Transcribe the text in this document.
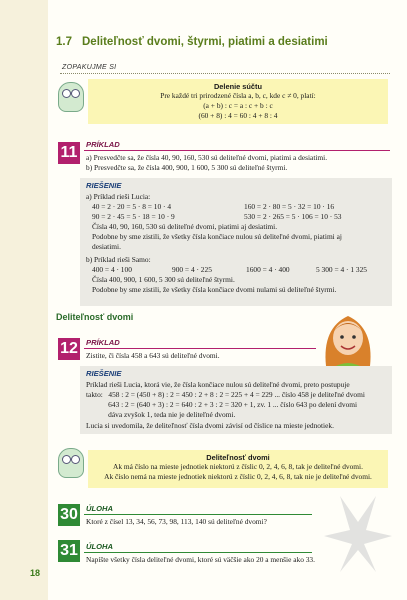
1.7 Deliteľnosť dvomi, štyrmi, piatimi a desiatimi
ZOPAKUJME SI
Delenie súčtu
Pre každé tri prirodzené čísla a, b, c, kde c ≠ 0, platí:
(a + b) : c = a : c + b : c
(60 + 8) : 4 = 60 : 4 + 8 : 4
11	PRÍKLAD
a) Presvedčte sa, že čísla 40, 90, 160, 530 sú deliteľné dvomi, piatimi a desiatimi.
b) Presvedčte sa, že čísla 400, 900, 1 600, 5 300 sú deliteľné štyrmi.
RIEŠENIE
a) Príklad rieši Lucia:
40 = 2 · 20 = 5 · 8 = 10 · 4	160 = 2 · 80 = 5 · 32 = 10 · 16
90 = 2 · 45 = 5 · 18 = 10 · 9	530 = 2 · 265 = 5 · 106 = 10 · 53
Čísla 40, 90, 160, 530 sú deliteľné dvomi, piatimi aj desiatimi.
Podobne by sme zistili, že všetky čísla končiace nulou sú deliteľné dvomi, piatimi aj
desiatimi.
b) Príklad rieši Samo:
400 = 4 · 100	900 = 4 · 225	1600 = 4 · 400	5 300 = 4 · 1 325
Čísla 400, 900, 1 600, 5 300 sú deliteľné štyrmi.
Podobne by sme zistili, že všetky čísla končiace dvomi nulami sú deliteľné štyrmi.
Deliteľnosť dvomi
12 PRÍKLAD
Zistite, či čísla 458 a 643 sú deliteľné dvomi.
RIEŠENIE
Príklad rieši Lucia, ktorá vie, že čísla končiace nulou sú deliteľné dvomi, preto postupuje
takto:   458 : 2 = (450 + 8) : 2 = 450 : 2 + 8 : 2 = 225 + 4 = 229 ... číslo 458 je deliteľné dvomi
643 : 2 = (640 + 3) : 2 = 640 : 2 + 3 : 2 = 320 + 1, zv. 1 ... číslo 643 po delení dvomi
dáva zvyšok 1, teda nie je deliteľné dvomi.
Lucia si uvedomila, že deliteľnosť čísla dvomi závisí od číslice na mieste jednotiek.
Deliteľnosť dvomi
Ak má číslo na mieste jednotiek niektorú z číslic 0, 2, 4, 6, 8, tak je deliteľné dvomi.
Ak číslo nemá na mieste jednotiek niektorú z číslic 0, 2, 4, 6, 8, tak nie je deliteľné dvomi.
30 ÚLOHA
Ktoré z čísel 13, 34, 56, 73, 98, 113, 140 sú deliteľné dvomi?
31 ÚLOHA
Napíšte všetky čísla deliteľné dvomi, ktoré sú väčšie ako 20 a menšie ako 33.
18
